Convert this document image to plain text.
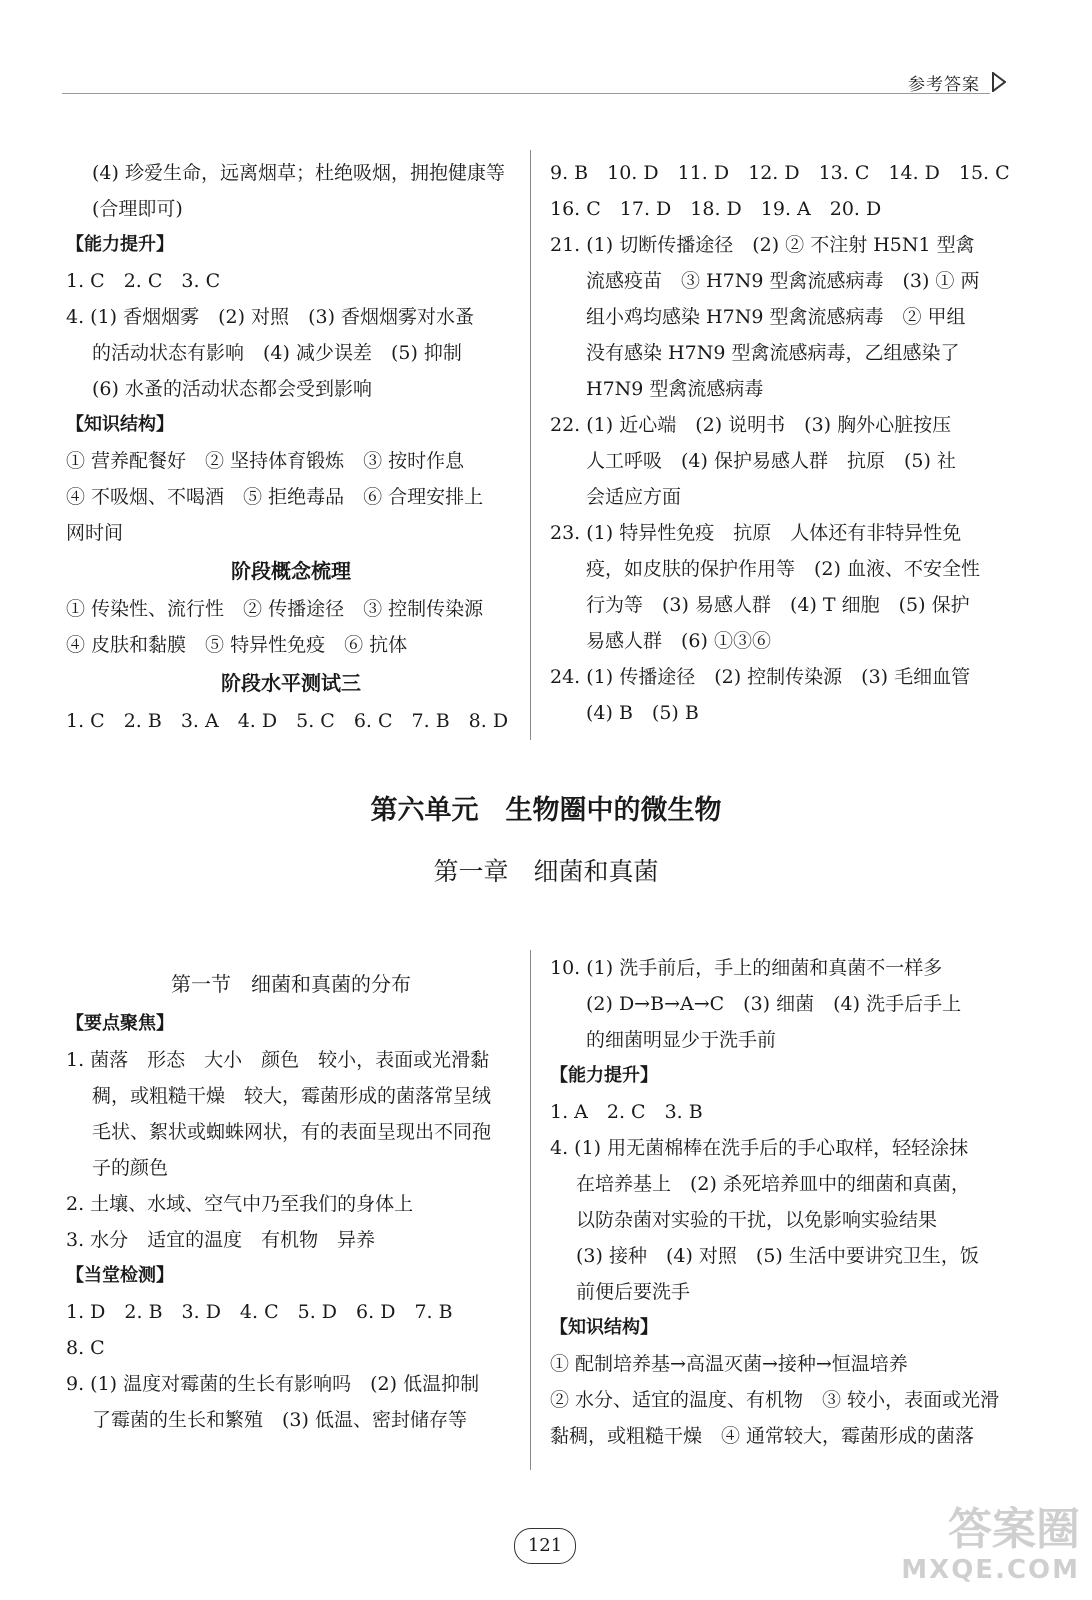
参考答案

(4) 珍爱生命，远离烟草；杜绝吸烟，拥抱健康等

(合理即可)

【能力提升】

1. C　2. C　3. C

4. (1) 香烟烟雾　(2) 对照　(3) 香烟烟雾对水蚤

的活动状态有影响　(4) 减少误差　(5) 抑制

(6) 水蚤的活动状态都会受到影响

【知识结构】

① 营养配餐好　② 坚持体育锻炼　③ 按时作息

④ 不吸烟、不喝酒　⑤ 拒绝毒品　⑥ 合理安排上

网时间

阶段概念梳理

① 传染性、流行性　② 传播途径　③ 控制传染源

④ 皮肤和黏膜　⑤ 特异性免疫　⑥ 抗体

阶段水平测试三

1. C　2. B　3. A　4. D　5. C　6. C　7. B　8. D

9. B　10. D　11. D　12. D　13. C　14. D　15. C

16. C　17. D　18. D　19. A　20. D

21. (1) 切断传播途径　(2) ② 不注射 H5N1 型禽

流感疫苗　③ H7N9 型禽流感病毒　(3) ① 两

组小鸡均感染 H7N9 型禽流感病毒　② 甲组

没有感染 H7N9 型禽流感病毒，乙组感染了

H7N9 型禽流感病毒

22. (1) 近心端　(2) 说明书　(3) 胸外心脏按压

人工呼吸　(4) 保护易感人群　抗原　(5) 社

会适应方面

23. (1) 特异性免疫　抗原　人体还有非特异性免

疫，如皮肤的保护作用等　(2) 血液、不安全性

行为等　(3) 易感人群　(4) T 细胞　(5) 保护

易感人群　(6) ①③⑥

24. (1) 传播途径　(2) 控制传染源　(3) 毛细血管

(4) B　(5) B

第六单元　生物圈中的微生物
第一章　细菌和真菌

第一节　细菌和真菌的分布

【要点聚焦】

1. 菌落　形态　大小　颜色　较小，表面或光滑黏

稠，或粗糙干燥　较大，霉菌形成的菌落常呈绒

毛状、絮状或蜘蛛网状，有的表面呈现出不同孢

子的颜色

2. 土壤、水域、空气中乃至我们的身体上

3. 水分　适宜的温度　有机物　异养

【当堂检测】

1. D　2. B　3. D　4. C　5. D　6. D　7. B

8. C

9. (1) 温度对霉菌的生长有影响吗　(2) 低温抑制

了霉菌的生长和繁殖　(3) 低温、密封储存等

10. (1) 洗手前后，手上的细菌和真菌不一样多

(2) D→B→A→C　(3) 细菌　(4) 洗手后手上

的细菌明显少于洗手前

【能力提升】

1. A　2. C　3. B

4. (1) 用无菌棉棒在洗手后的手心取样，轻轻涂抹

在培养基上　(2) 杀死培养皿中的细菌和真菌，

以防杂菌对实验的干扰，以免影响实验结果

(3) 接种　(4) 对照　(5) 生活中要讲究卫生，饭

前便后要洗手

【知识结构】

① 配制培养基→高温灭菌→接种→恒温培养

② 水分、适宜的温度、有机物　③ 较小，表面或光滑

黏稠，或粗糙干燥　④ 通常较大，霉菌形成的菌落

121	答案圈
MXQE.COM
